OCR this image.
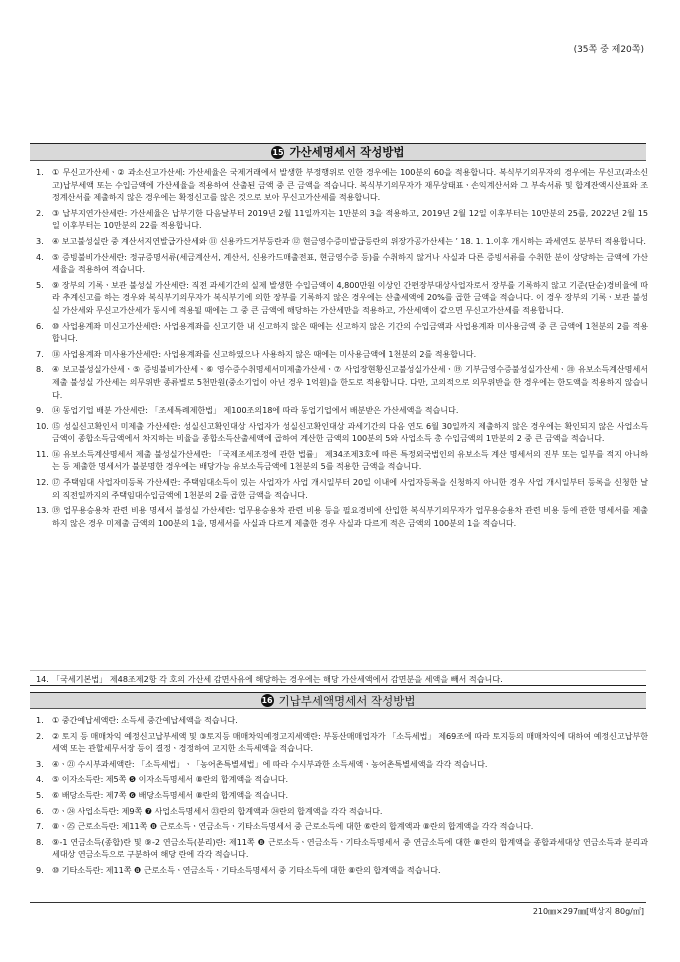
(35쪽 중 제20쪽)
15 가산세명세서 작성방법
1.	① 무신고가산세ㆍ② 과소신고가산세: 가산세율은 국제거래에서 발생한 부정행위로 인한 경우에는 100분의 60을 적용합니다. 복식부기의무자의 경우에는 무신고(과소신고)납부세액 또는 수입금액에 가산세율을 적용하여 산출된 금액 중 큰 금액을 적습니다. 복식부기의무자가 재무상태표ㆍ손익계산서와 그 부속서류 및 합계잔액시산표와 조정계산서를 제출하지 않은 경우에는 확정신고를 않은 것으로 보아 무신고가산세를 적용합니다.
2.	③ 납부지연가산세란: 가산세율은 납부기한 다음날부터 2019년 2월 11일까지는 1만분의 3을 적용하고, 2019년 2월 12일 이후부터는 10만분의 25를, 2022년 2월 15일 이후부터는 10만분의 22를 적용합니다.
3.	④ 보고불성실란 중 계산서지연발급가산세와 ⑪ 신용카드거부등란과 ⑫ 현금영수증미발급등란의 위장가공가산세는 ’ 18. 1. 1.이후 개시하는 과세연도 분부터 적용합니다.
4.	⑤ 증빙불비가산세란: 정규증명서류(세금계산서, 계산서, 신용카드매출전표, 현금영수증 등)를 수취하지 않거나 사실과 다른 증빙서류를 수취한 분이 상당하는 금액에 가산세율을 적용하여 적습니다.
5.	⑨ 장부의 기록ㆍ보관 불성실 가산세란: 직전 과세기간의 실제 발생한 수입금액이 4,800만원 이상인 간편장부대상사업자로서 장부를 기록하지 않고 기준(단순)경비율에 따라 추계신고를 하는 경우와 복식부기의무자가 복식부기에 의한 장부를 기록하지 않은 경우에는 산출세액에 20%를 곱한 금액을 적습니다. 이 경우 장부의 기록ㆍ보관 불성실 가산세와 무신고가산세가 동시에 적용될 때에는 그 중 큰 금액에 해당하는 가산세만을 적용하고, 가산세액이 같으면 무신고가산세를 적용합니다.
6.	⑩ 사업용계좌 미신고가산세란: 사업용계좌를 신고기한 내 신고하지 않은 때에는 신고하지 않은 기간의 수입금액과 사업용계좌 미사용금액 중 큰 금액에 1천분의 2를 적용합니다.
7.	⑱ 사업용계좌 미사용가산세란: 사업용계좌를 신고하였으나 사용하지 않은 때에는 미사용금액에 1천분의 2를 적용합니다.
8.	④ 보고불성실가산세ㆍ⑤ 증빙불비가산세ㆍ⑥ 영수증수취명세서미제출가산세ㆍ⑦ 사업장현황신고불성실가산세ㆍ⑲ 기부금영수증불성실가산세ㆍ⑳ 유보소득계산명세서 제출 불성실 가산세는 의무위반 종류별로 5천만원(중소기업이 아닌 경우 1억원)을 한도로 적용합니다. 다만, 고의적으로 의무위반을 한 경우에는 한도액을 적용하지 않습니다.
9.	⑭ 동업기업 배분 가산세란: 「조세특례제한법」 제100조의18에 따라 동업기업에서 배분받은 가산세액을 적습니다.
10. ⑮ 성실신고확인서 미제출 가산세란: 성실신고확인대상 사업자가 성실신고확인대상 과세기간의 다음 연도 6월 30일까지 제출하지 않은 경우에는 확인되지 않은 사업소득금액이 종합소득금액에서 차지하는 비율을 종합소득산출세액에 곱하여 계산한 금액의 100분의 5와 사업소득 총 수입금액의 1만분의 2 중 큰 금액을 적습니다.
11. ⑯ 유보소득계산명세서 제출 불성실가산세란: 「국제조세조정에 관한 법률」 제34조제3호에 따른 특정외국법인의 유보소득 계산 명세서의 진부 또는 일부를 적지 아니하는 등 제출한 명세서가 불분명한 경우에는 배당가능 유보소득금액에 1천분의 5를 적용한 금액을 적습니다.
12. ⑰ 주택임대 사업자미등록 가산세란: 주택임대소득이 있는 사업자가 사업 개시일부터 20일 이내에 사업자등록을 신청하지 아니한 경우 사업 개시일부터 등록을 신청한 날의 직전일까지의 주택임대수입금액에 1천분의 2를 곱한 금액을 적습니다.
13. ⑲ 업무용승용차 관련 비용 명세서 불성실 가산세란: 업무용승용차 관련 비용 등을 필요경비에 산입한 복식부기의무자가 업무용승용차 관련 비용 등에 관한 명세서를 제출하지 않은 경우 미제출 금액의 100분의 1을, 명세서를 사실과 다르게 제출한 경우 사실과 다르게 적은 금액의 100분의 1을 적습니다.
14. 「국세기본법」 제48조제2항 각 호의 가산세 감면사유에 해당하는 경우에는 해당 가산세액에서 감면분을 세액을 빼서 적습니다.
16 기납부세액명세서 작성방법
1.	① 중간예납세액란: 소득세 중간예납세액을 적습니다.
2.	② 토지 등 매매차익 예정신고납부세액 및 ③토지등 매매차익예정고지세액란: 부동산매매업자가 「소득세법」 제69조에 따라 토지등의 매매차익에 대하여 예정신고납부한 세액 또는 관할세무서장 등이 결정ㆍ경정하여 고지한 소득세액을 적습니다.
3.	④ㆍ㉑ 수시부과세액란: 「소득세법」ㆍ「농어촌특별세법」에 따라 수시부과한 소득세액ㆍ농어촌특별세액을 각각 적습니다.
4.	⑤ 이자소득란: 제5쪽 ❺ 이자소득명세서 ⑧란의 합계액을 적습니다.
5.	⑥ 배당소득란: 제7쪽 ❻ 배당소득명세서 ⑧란의 합계액을 적습니다.
6.	⑦ㆍ㉔ 사업소득란: 제9쪽 ❼ 사업소득명세서 ㉓란의 합계액과 ㉔란의 합계액을 각각 적습니다.
7.	⑧ㆍ㉕ 근로소득란: 제11쪽 ❽ 근로소득ㆍ연금소득ㆍ기타소득명세서 중 근로소득에 대한 ⑥란의 합계액과 ⑧란의 합계액을 각각 적습니다.
8.	⑨-1 연금소득(종합)란 및 ⑨-2 연금소득(분리)란: 제11쪽 ❽ 근로소득ㆍ연금소득ㆍ기타소득명세서 중 연금소득에 대한 ⑧란의 합계액을 종합과세대상 연금소득과 분리과세대상 연금소득으로 구분하여 해당 란에 각각 적습니다.
9.	⑩ 기타소득란: 제11쪽 ❽ 근로소득ㆍ연금소득ㆍ기타소득명세서 중 기타소득에 대한 ⑧란의 합계액을 적습니다.
210㎜×297㎜[백상지 80g/㎡]
